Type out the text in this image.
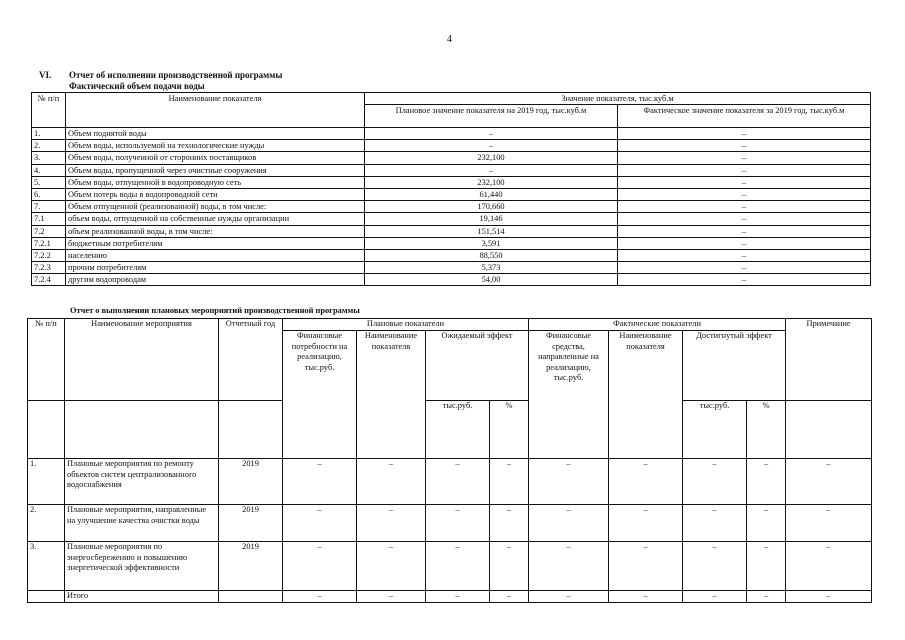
4
VI. Отчет об исполнении производственной программы
Фактический объем подачи воды
№ п/п	Наименование показателя	Значение показателя, тыс.куб.м	
		Плановое значение показателя на 2019 год, тыс.куб.м	Фактическое значение показателя за 2019 год, тыс.куб.м
1.	Объем поднятой воды	–	–
2.	Объем воды, используемой на технологические нужды	–	–
3.	Объем воды, полученной от сторонних поставщиков	232,100	–
4.	Объем воды, пропущенной через очистные сооружения	–	–
5.	Объем воды, отпущенной в водопроводную сеть	232,100	–
6.	Объем потерь воды в водопроводной сети	61,440	–
7.	Объем отпущенной (реализованной) воды, в том числе:	170,660	–
7.1	объем воды, отпущенной на собственные нужды организации	19,146	–
7.2	объем реализованной воды, в том числе:	151,514	–
7.2.1	бюджетным потребителям	3,591	–
7.2.2	населению	88,550	–
7.2.3	прочим потребителям	5,373	–
7.2.4	другим водопроводам	54,00	–
Отчет о выполнении плановых мероприятий производственной программы
№ п/п	Наименование мероприятия	Отчетный год	Плановые показатели				Фактические показатели				Примечание
			Финансовые потребности на реализацию, тыс.руб.	Наименование показателя	Ожидаемый эффект		Финансовые средства, направленные на реализацию, тыс.руб.	Наименование показателя	Достигнутый эффект		
					тыс.руб.	%			тыс.руб.	%	
1.	Плановые мероприятия по ремонту объектов систем централизованного водоснабжения	2019	–	–	–	–	–	–	–	–	–
2.	Плановые мероприятия, направленные на улучшение качества очистки воды	2019	–	–	–	–	–	–	–	–	–
3.	Плановые мероприятия по энергосбережению и повышению энергетической эффективности	2019	–	–	–	–	–	–	–	–	–
	Итого		–	–	–	–	–	–	–	–	–
